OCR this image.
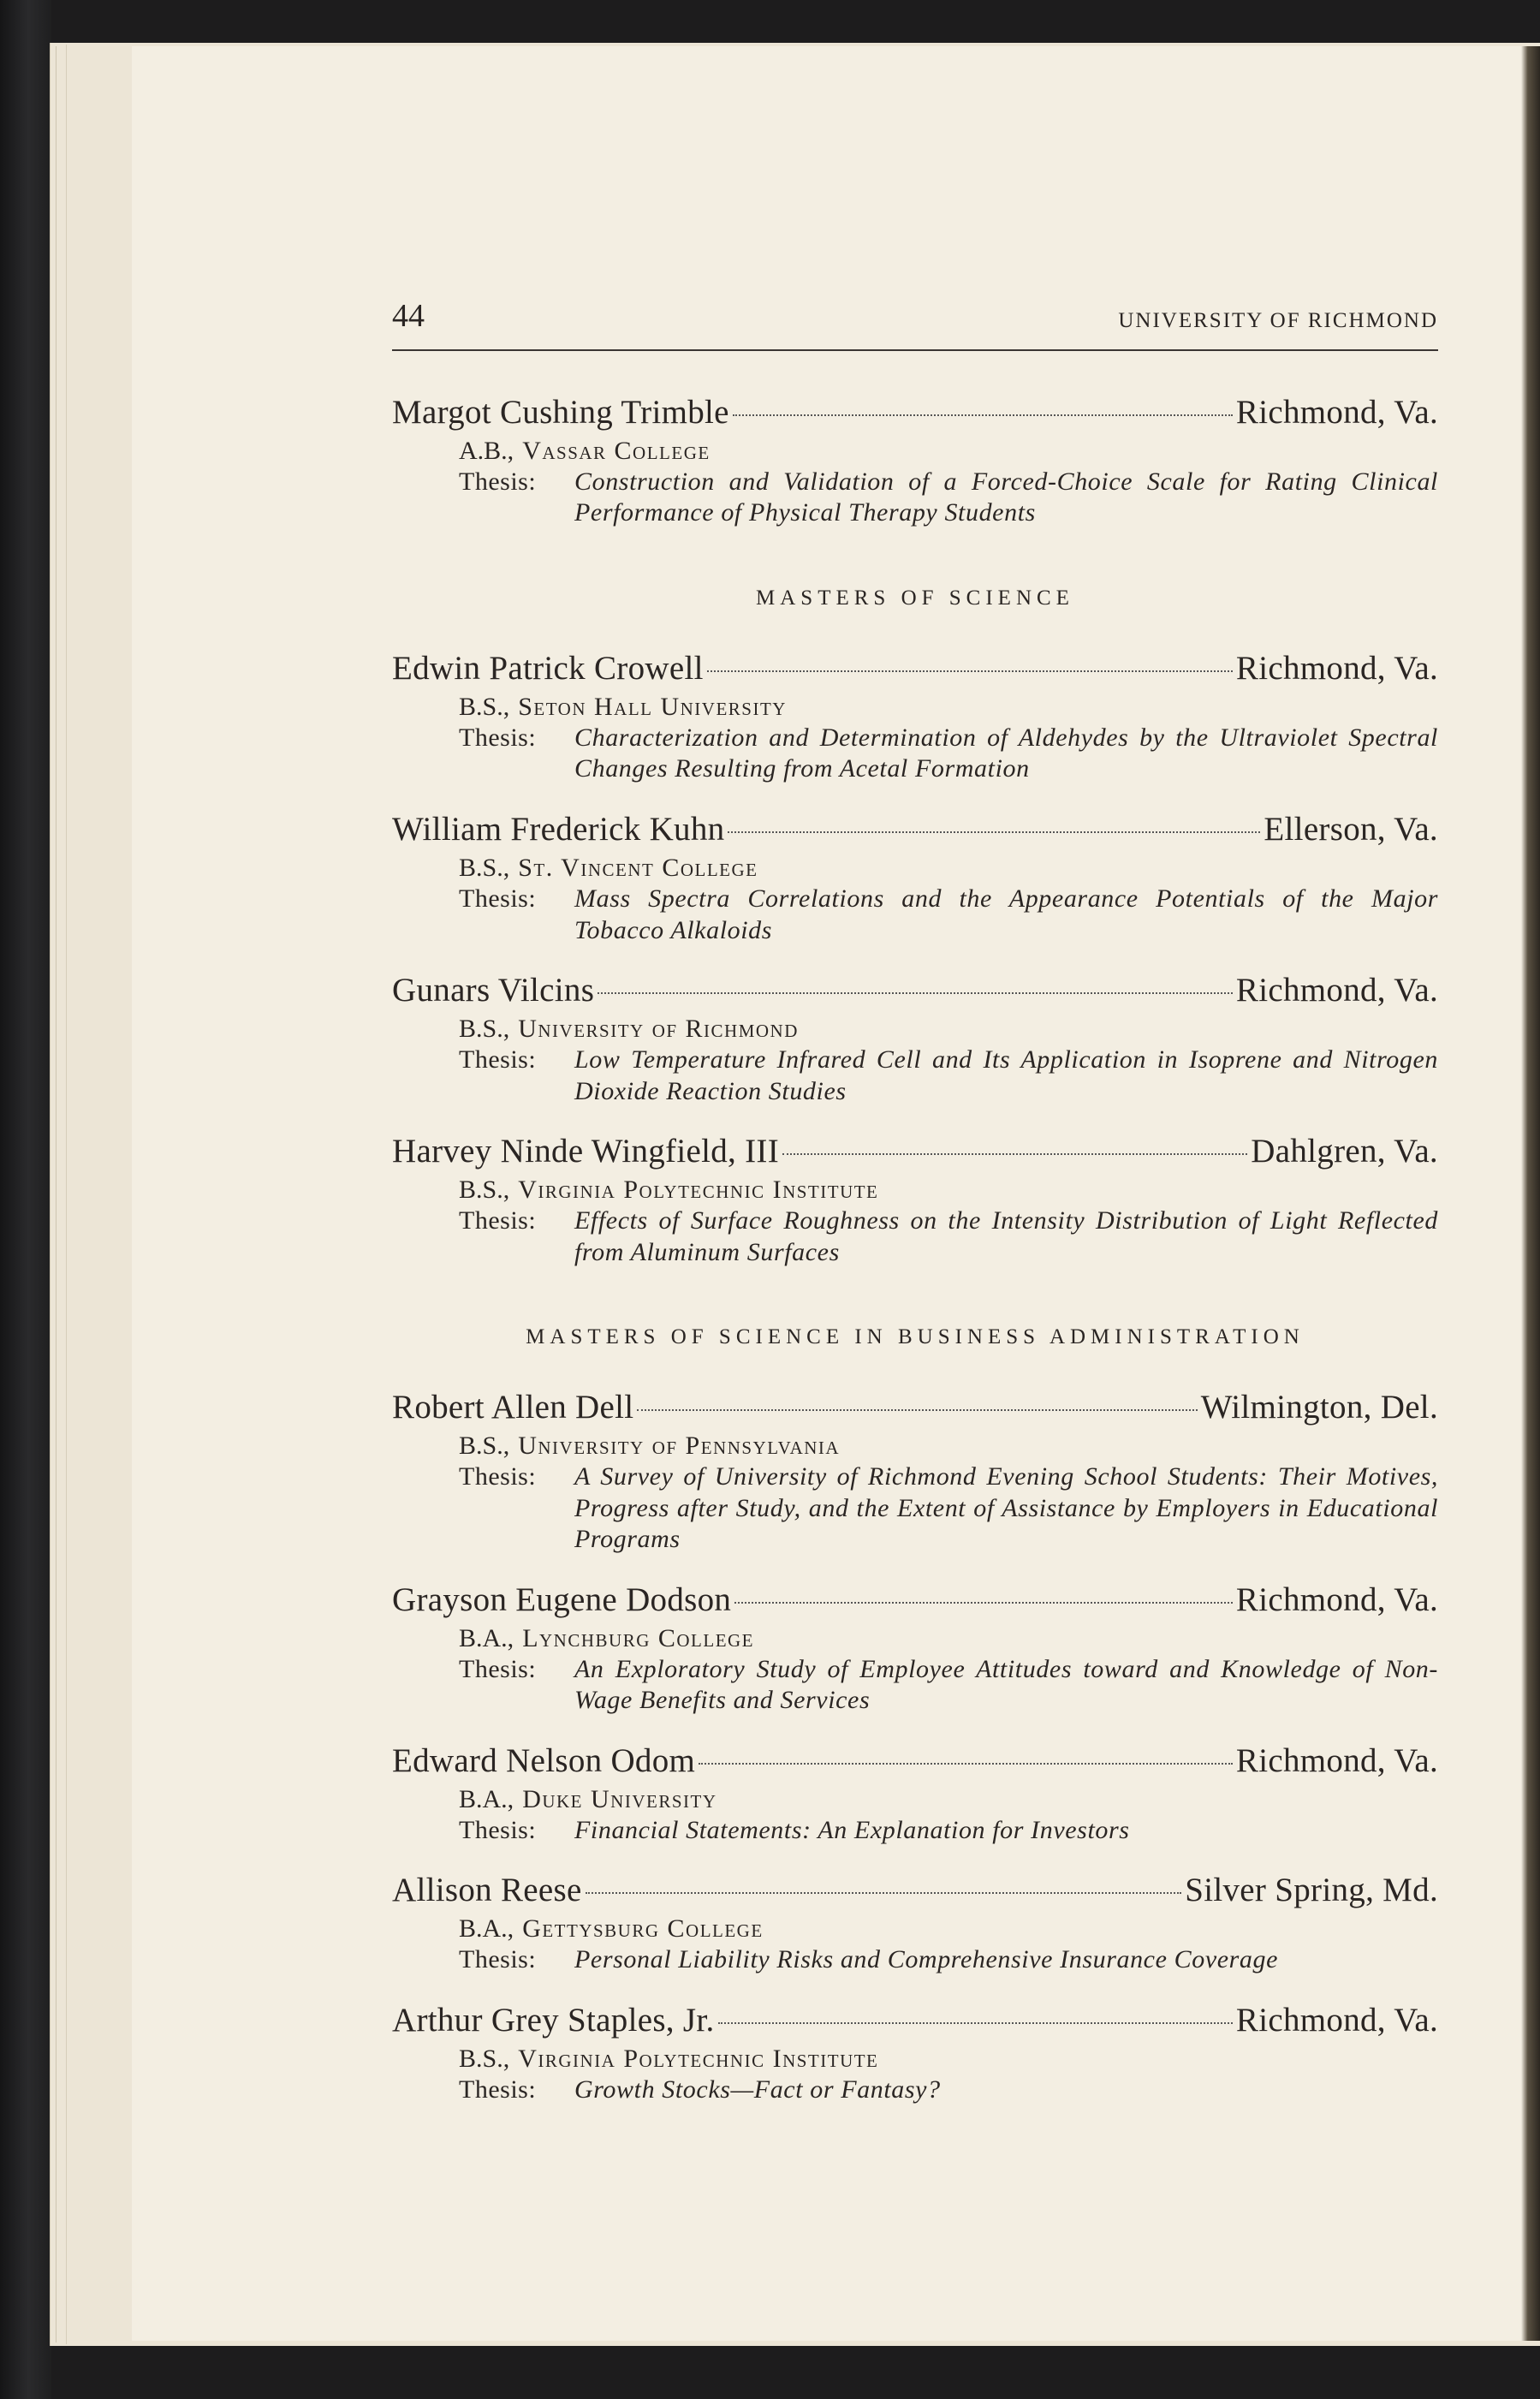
44	UNIVERSITY OF RICHMOND
Margot Cushing Trimble	Richmond, Va.
A.B., Vassar College
Thesis:	Construction and Validation of a Forced-Choice Scale for Rating Clinical Performance of Physical Therapy Students
MASTERS OF SCIENCE
Edwin Patrick Crowell	Richmond, Va.
B.S., Seton Hall University
Thesis:	Characterization and Determination of Aldehydes by the Ultraviolet Spectral Changes Resulting from Acetal Formation
William Frederick Kuhn	Ellerson, Va.
B.S., St. Vincent College
Thesis:	Mass Spectra Correlations and the Appearance Potentials of the Major Tobacco Alkaloids
Gunars Vilcins	Richmond, Va.
B.S., University of Richmond
Thesis:	Low Temperature Infrared Cell and Its Application in Isoprene and Nitrogen Dioxide Reaction Studies
Harvey Ninde Wingfield, III	Dahlgren, Va.
B.S., Virginia Polytechnic Institute
Thesis:	Effects of Surface Roughness on the Intensity Distribution of Light Reflected from Aluminum Surfaces
MASTERS OF SCIENCE IN BUSINESS ADMINISTRATION
Robert Allen Dell	Wilmington, Del.
B.S., University of Pennsylvania
Thesis:	A Survey of University of Richmond Evening School Students: Their Motives, Progress after Study, and the Extent of Assistance by Employers in Educational Programs
Grayson Eugene Dodson	Richmond, Va.
B.A., Lynchburg College
Thesis:	An Exploratory Study of Employee Attitudes toward and Knowledge of Non-Wage Benefits and Services
Edward Nelson Odom	Richmond, Va.
B.A., Duke University
Thesis:	Financial Statements: An Explanation for Investors
Allison Reese	Silver Spring, Md.
B.A., Gettysburg College
Thesis:	Personal Liability Risks and Comprehensive Insurance Coverage
Arthur Grey Staples, Jr.	Richmond, Va.
B.S., Virginia Polytechnic Institute
Thesis:	Growth Stocks—Fact or Fantasy?
